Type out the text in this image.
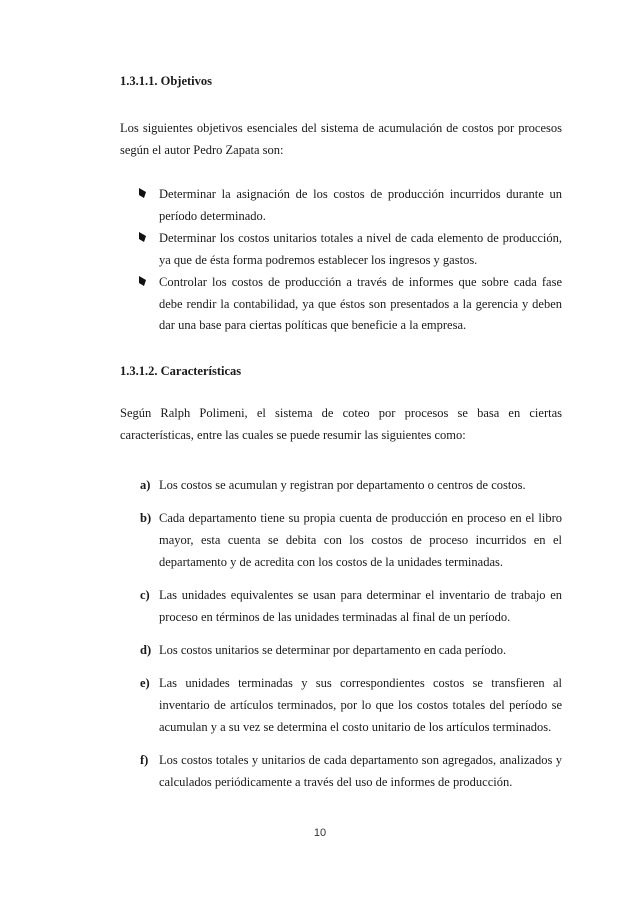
1.3.1.1. Objetivos

Los siguientes objetivos esenciales del sistema de acumulación de costos por procesos según el autor Pedro Zapata son:

Determinar la asignación de los costos de producción incurridos durante un período determinado.
Determinar los costos unitarios totales a nivel de cada elemento de producción, ya que de ésta forma podremos establecer los ingresos y gastos.
Controlar los costos de producción a través de informes que sobre cada fase debe rendir la contabilidad, ya que éstos son presentados a la gerencia y deben dar una base para ciertas políticas que beneficie a la empresa.
1.3.1.2. Características

Según Ralph Polimeni, el sistema de coteo por procesos se basa en ciertas características, entre las cuales se puede resumir las siguientes como:

a) Los costos se acumulan y registran por departamento o centros de costos.
b) Cada departamento tiene su propia cuenta de producción en proceso en el libro mayor, esta cuenta se debita con los costos de proceso incurridos en el departamento y de acredita con los costos de la unidades terminadas.
c) Las unidades equivalentes se usan para determinar el inventario de trabajo en proceso en términos de las unidades terminadas al final de un período.
d) Los costos unitarios se determinar por departamento en cada período.
e) Las unidades terminadas y sus correspondientes costos se transfieren al inventario de artículos terminados, por lo que los costos totales del período se acumulan y a su vez se determina el costo unitario de los artículos terminados.
f) Los costos totales y unitarios de cada departamento son agregados, analizados y calculados periódicamente a través del uso de informes de producción.
10
